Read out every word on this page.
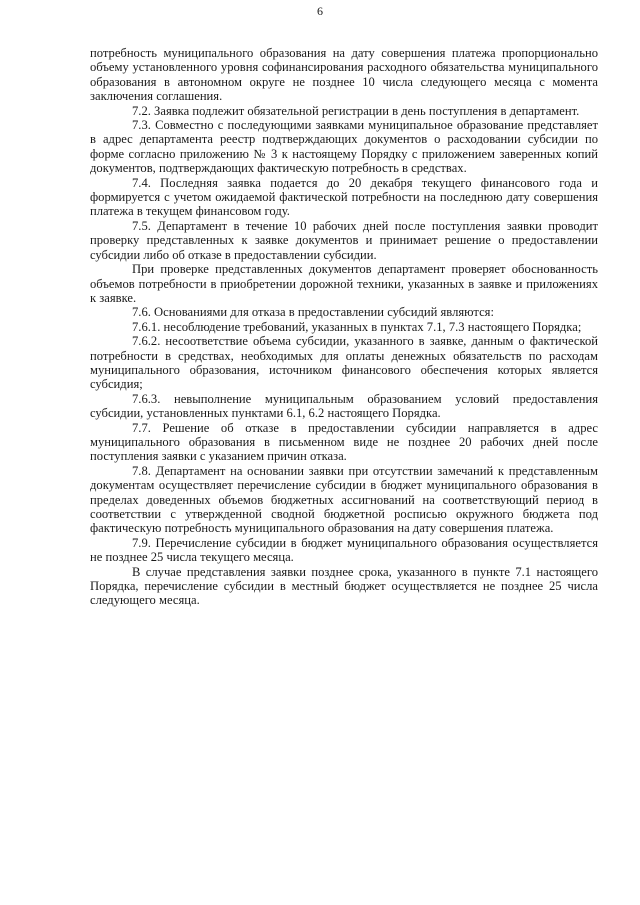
6

потребность муниципального образования на дату совершения платежа пропорционально объему установленного уровня софинансирования расходного обязательства муниципального образования в автономном округе не позднее 10 числа следующего месяца с момента заключения соглашения.

7.2. Заявка подлежит обязательной регистрации в день поступления в департамент.

7.3. Совместно с последующими заявками муниципальное образование представляет в адрес департамента реестр подтверждающих документов о расходовании субсидии по форме согласно приложению № 3 к настоящему Порядку с приложением заверенных копий документов, подтверждающих фактическую потребность в средствах.

7.4. Последняя заявка подается до 20 декабря текущего финансового года и формируется с учетом ожидаемой фактической потребности на последнюю дату совершения платежа в текущем финансовом году.

7.5. Департамент в течение 10 рабочих дней после поступления заявки проводит проверку представленных к заявке документов и принимает решение о предоставлении субсидии либо об отказе в предоставлении субсидии.

При проверке представленных документов департамент проверяет обоснованность объемов потребности в приобретении дорожной техники, указанных в заявке и приложениях к заявке.

7.6. Основаниями для отказа в предоставлении субсидий являются:

7.6.1. несоблюдение требований, указанных в пунктах 7.1, 7.3 настоящего Порядка;

7.6.2. несоответствие объема субсидии, указанного в заявке, данным о фактической потребности в средствах, необходимых для оплаты денежных обязательств по расходам муниципального образования, источником финансового обеспечения которых является субсидия;

7.6.3. невыполнение муниципальным образованием условий предоставления субсидии, установленных пунктами 6.1, 6.2 настоящего Порядка.

7.7. Решение об отказе в предоставлении субсидии направляется в адрес муниципального образования в письменном виде не позднее 20 рабочих дней после поступления заявки с указанием причин отказа.

7.8. Департамент на основании заявки при отсутствии замечаний к представленным документам осуществляет перечисление субсидии в бюджет муниципального образования в пределах доведенных объемов бюджетных ассигнований на соответствующий период в соответствии с утвержденной сводной бюджетной росписью окружного бюджета под фактическую потребность муниципального образования на дату совершения платежа.

7.9. Перечисление субсидии в бюджет муниципального образования осуществляется не позднее 25 числа текущего месяца.

В случае представления заявки позднее срока, указанного в пункте 7.1 настоящего Порядка, перечисление субсидии в местный бюджет осуществляется не позднее 25 числа следующего месяца.
